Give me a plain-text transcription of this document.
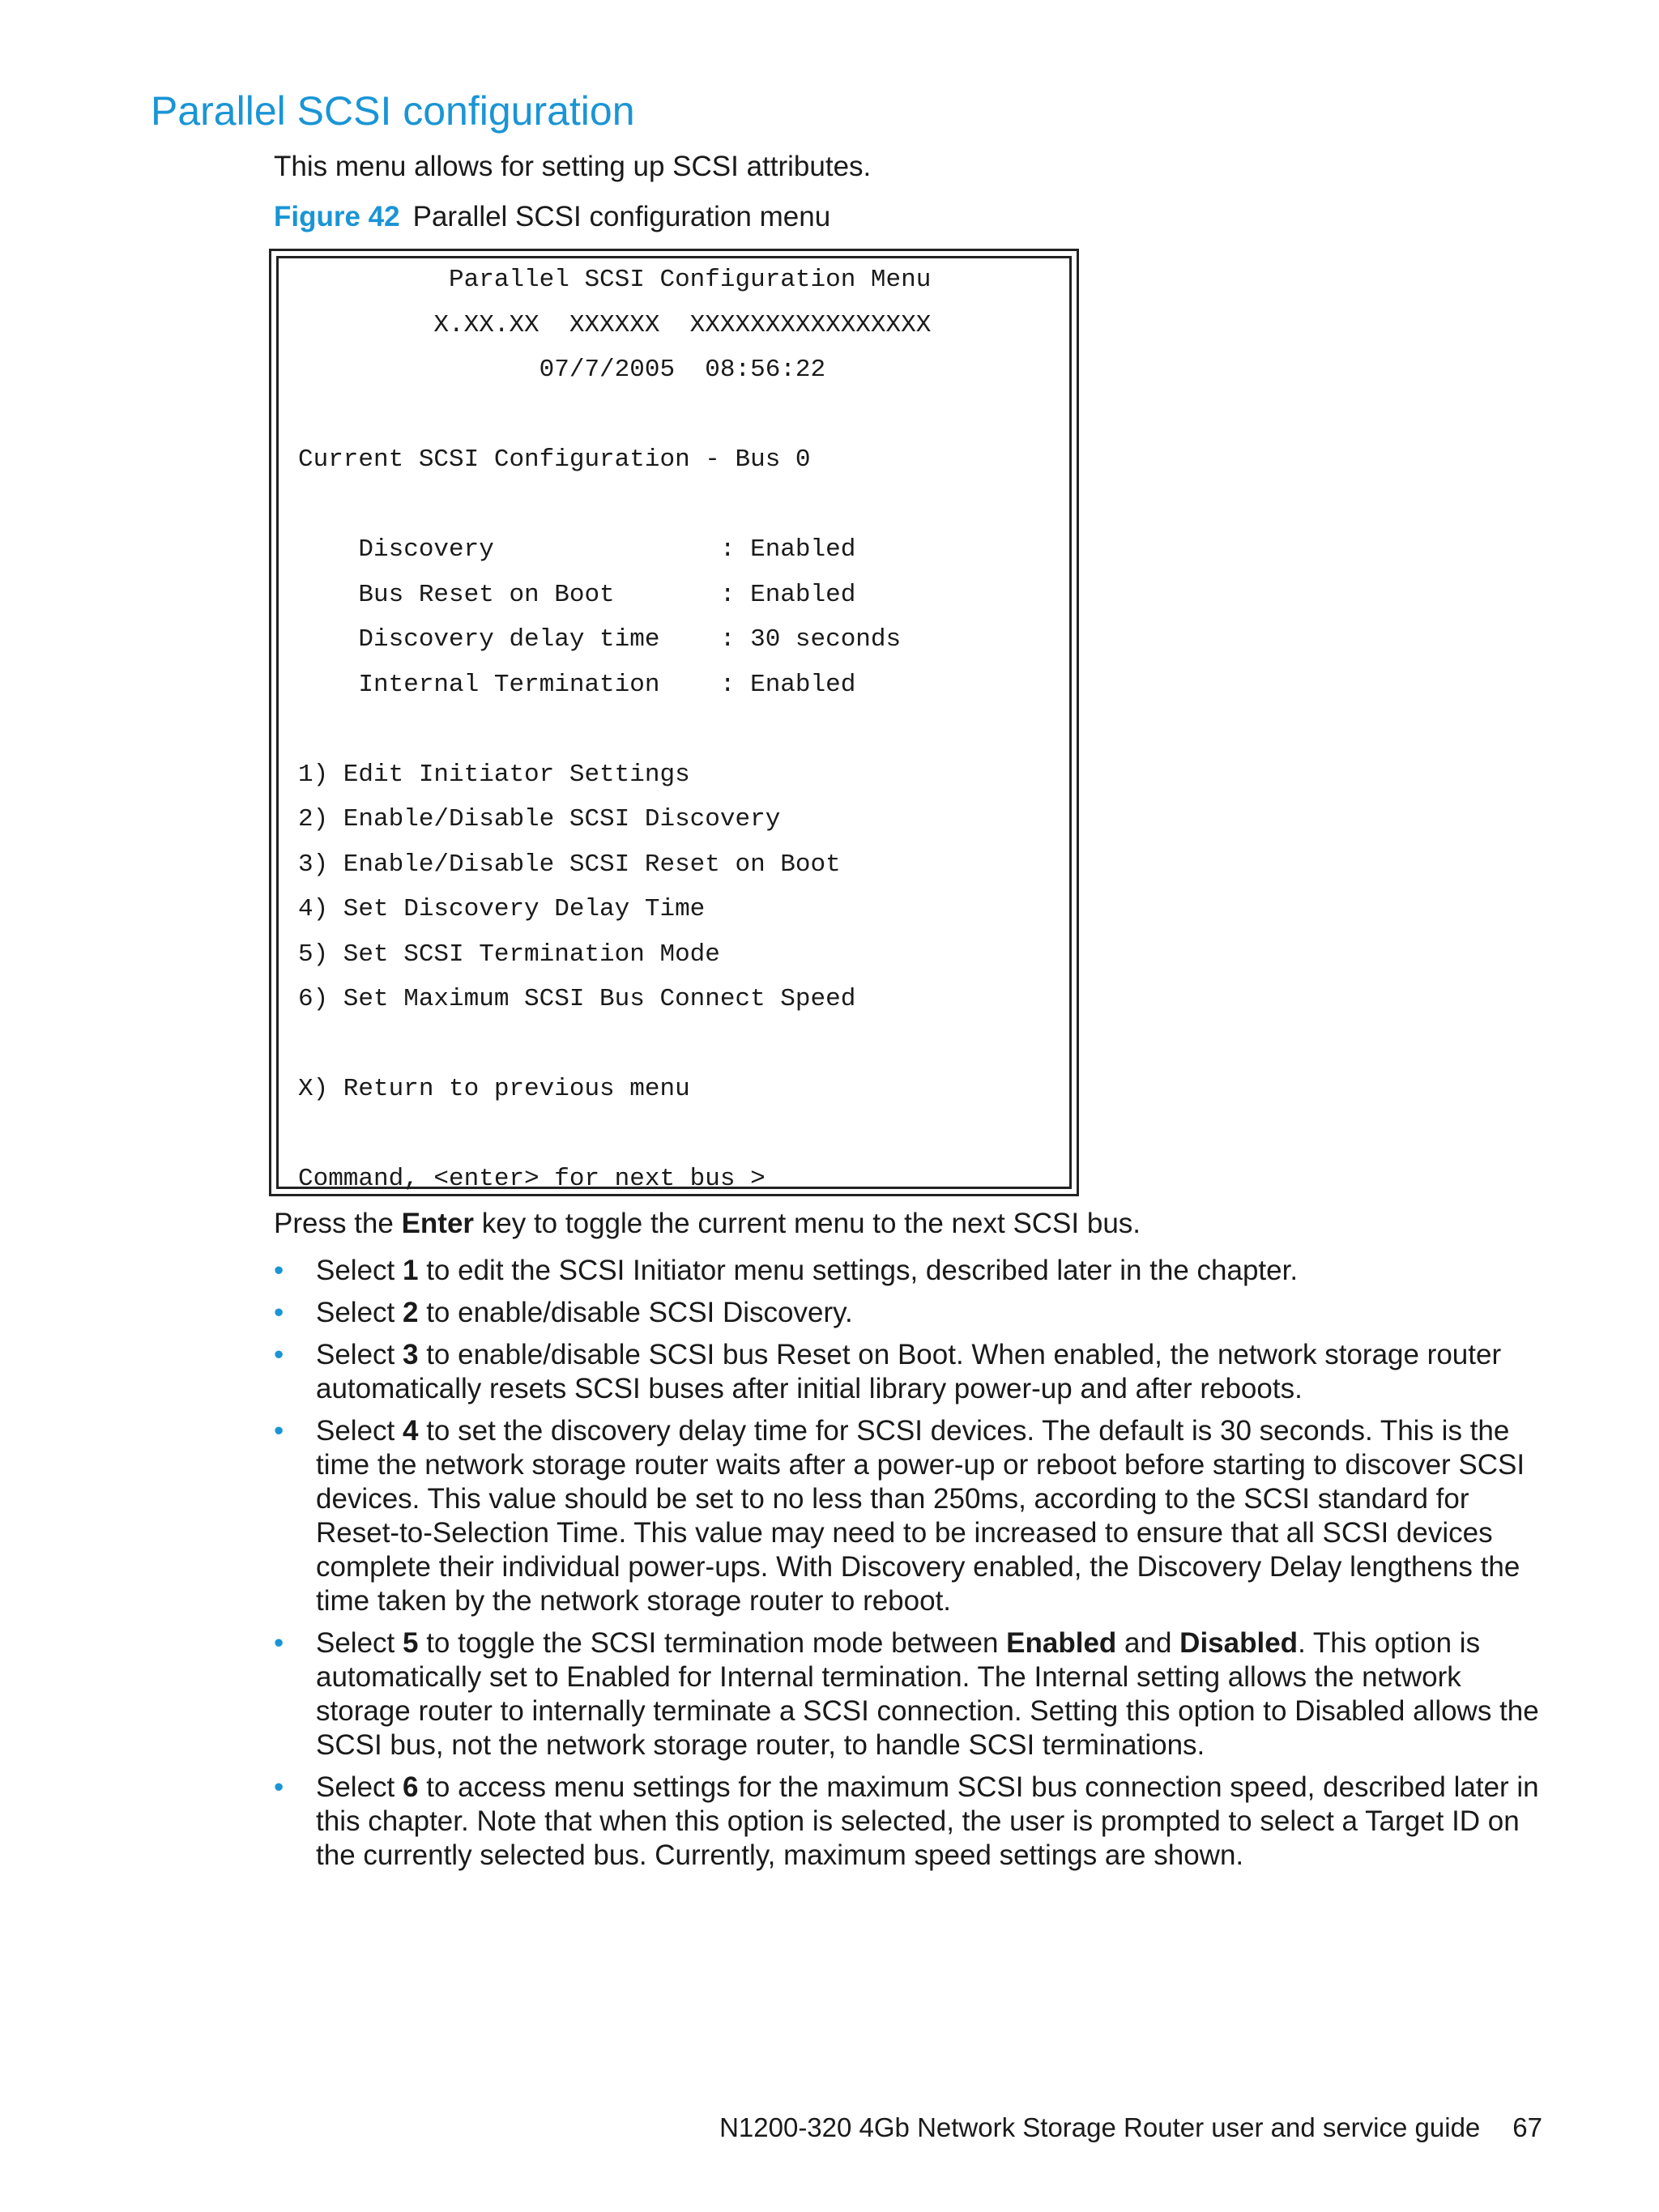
Parallel SCSI configuration

This menu allows for setting up SCSI attributes.

Figure 42 Parallel SCSI configuration menu

Parallel SCSI Configuration Menu

X.XX.XX  XXXXXX  XXXXXXXXXXXXXXXX

07/7/2005  08:56:22

Current SCSI Configuration - Bus 0

Discovery               : Enabled

Bus Reset on Boot       : Enabled

Discovery delay time    : 30 seconds

Internal Termination    : Enabled

1) Edit Initiator Settings

2) Enable/Disable SCSI Discovery

3) Enable/Disable SCSI Reset on Boot

4) Set Discovery Delay Time

5) Set SCSI Termination Mode

6) Set Maximum SCSI Bus Connect Speed

X) Return to previous menu

Command, <enter> for next bus >

Press the Enter key to toggle the current menu to the next SCSI bus.

• Select 1 to edit the SCSI Initiator menu settings, described later in the chapter.
• Select 2 to enable/disable SCSI Discovery.
• Select 3 to enable/disable SCSI bus Reset on Boot. When enabled, the network storage router automatically resets SCSI buses after initial library power-up and after reboots.
• Select 4 to set the discovery delay time for SCSI devices. The default is 30 seconds. This is the time the network storage router waits after a power-up or reboot before starting to discover SCSI devices. This value should be set to no less than 250ms, according to the SCSI standard for Reset-to-Selection Time. This value may need to be increased to ensure that all SCSI devices complete their individual power-ups. With Discovery enabled, the Discovery Delay lengthens the time taken by the network storage router to reboot.
• Select 5 to toggle the SCSI termination mode between Enabled and Disabled. This option is automatically set to Enabled for Internal termination. The Internal setting allows the network storage router to internally terminate a SCSI connection. Setting this option to Disabled allows the SCSI bus, not the network storage router, to handle SCSI terminations.
• Select 6 to access menu settings for the maximum SCSI bus connection speed, described later in this chapter. Note that when this option is selected, the user is prompted to select a Target ID on the currently selected bus. Currently, maximum speed settings are shown.

N1200-320 4Gb Network Storage Router user and service guide 67
